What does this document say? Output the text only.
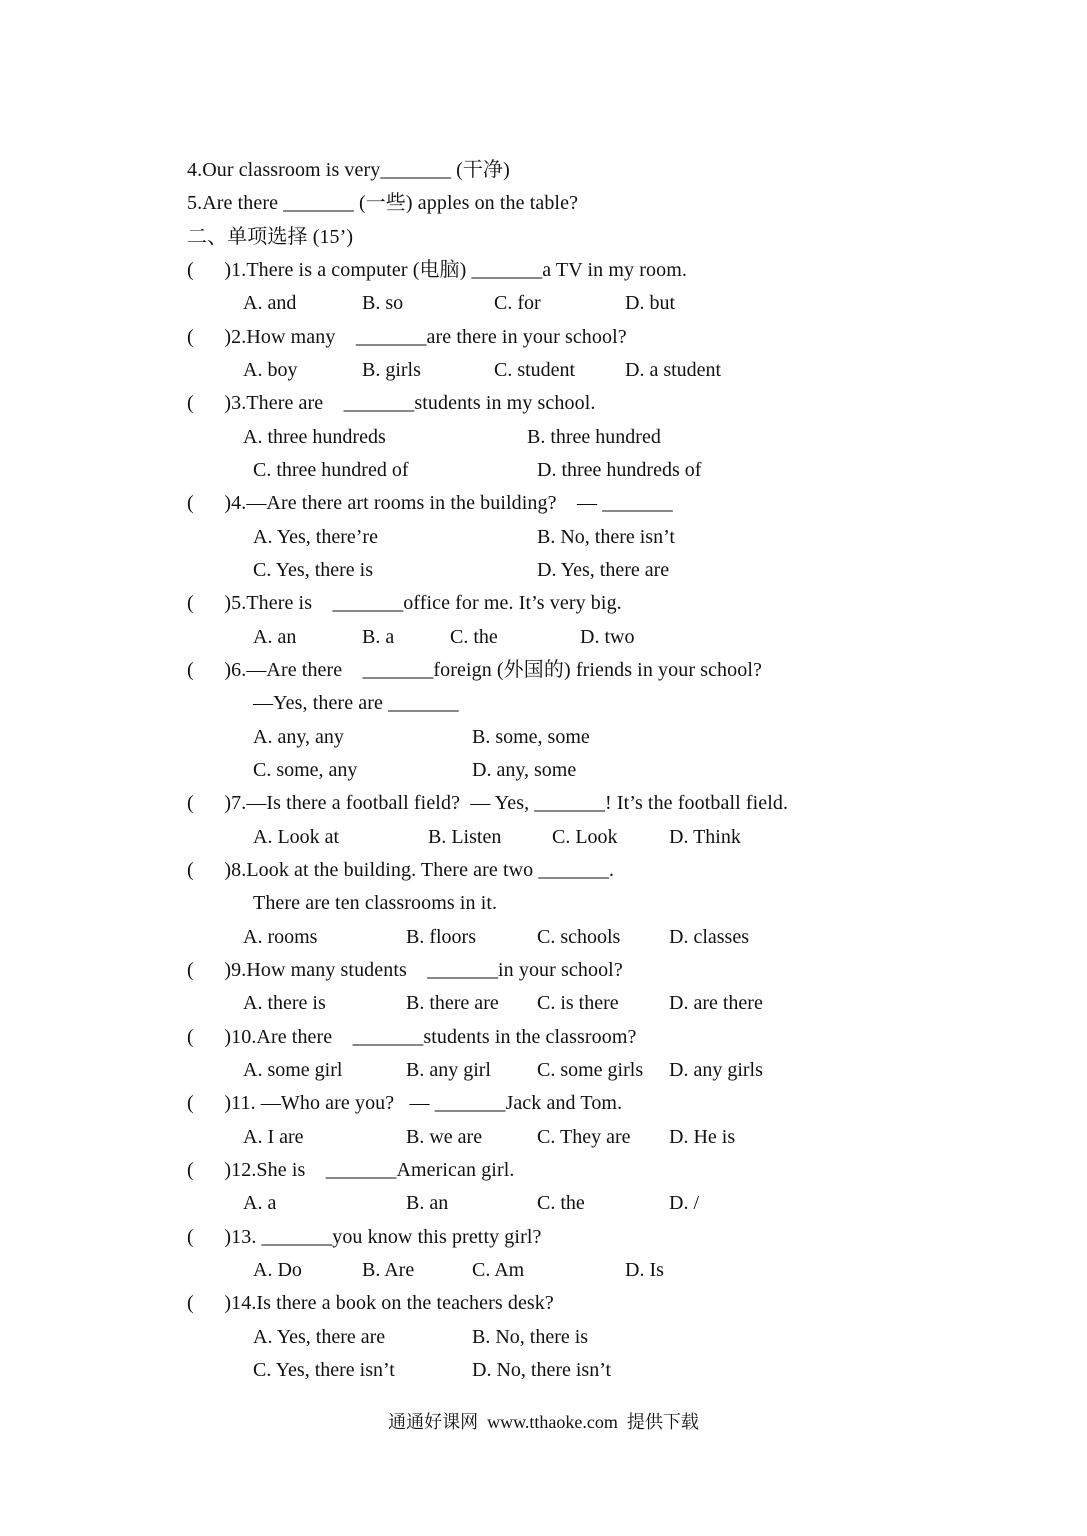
4.Our classroom is very_______ (干净)
5.Are there _______ (一些) apples on the table?
二、单项选择 (15’)
(      )1.There is a computer (电脑) _______a TV in my room.
A. and	B. so	C. for	D. but
(      )2.How many    _______are there in your school?
A. boy	B. girls	C. student D. a student
(      )3.There are    _______students in my school.
A. three hundreds	B. three hundred
C. three hundred of	D. three hundreds of
(      )4.—Are there art rooms in the building?    — _______
A. Yes, there’re	B. No, there isn’t
C. Yes, there is	D. Yes, there are
(      )5.There is    _______office for me. It’s very big.
A. an	B. a	C. the	D. two
(      )6.—Are there    _______foreign (外国的) friends in your school?
—Yes, there are _______
A. any, any	B. some, some
C. some, any	D. any, some
(      )7.—Is there a football field?  — Yes, _______! It’s the football field.
A. Look at	B. Listen	C. Look	D. Think
(      )8.Look at the building. There are two _______.
There are ten classrooms in it.
A. rooms	B. floors	C. schools D. classes
(      )9.How many students    _______in your school?
A. there is	B. there are C. is there	D. are there
(      )10.Are there    _______students in the classroom?
A. some girl	B. any girl C. some girls D. any girls
(      )11. —Who are you?   — _______Jack and Tom.
A. I are	B. we are	C. They are D. He is
(      )12.She is    _______American girl.
A. a	B. an	C. the	D. /
(      )13. _______you know this pretty girl?
A. Do	B. Are	C. Am	D. Is
(      )14.Is there a book on the teachers desk?
A. Yes, there are	B. No, there is
C. Yes, there isn’t	D. No, there isn’t
通通好课网  www.tthaoke.com  提供下载
